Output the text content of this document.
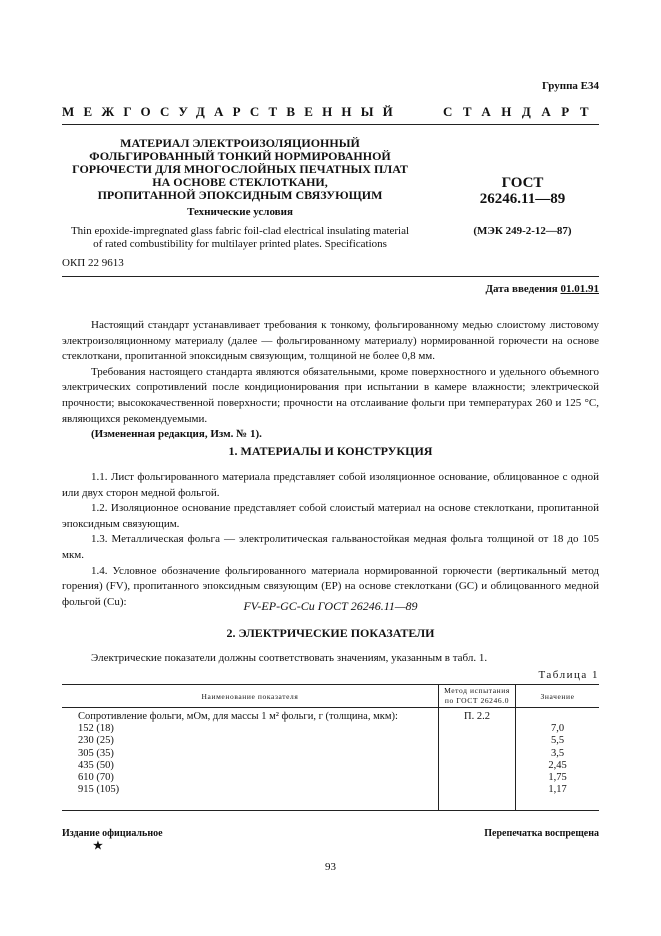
Группа Е34
МЕЖГОСУДАРСТВЕННЫЙ	СТАНДАРТ
МАТЕРИАЛ ЭЛЕКТРОИЗОЛЯЦИОННЫЙ
ФОЛЬГИРОВАННЫЙ ТОНКИЙ НОРМИРОВАННОЙ
ГОРЮЧЕСТИ ДЛЯ МНОГОСЛОЙНЫХ ПЕЧАТНЫХ ПЛАТ
НА ОСНОВЕ СТЕКЛОТКАНИ,
ПРОПИТАННОЙ ЭПОКСИДНЫМ СВЯЗУЮЩИМ
Технические условия
Thin epoxide-impregnated glass fabric foil-clad electrical insulating material
of rated combustibility for multilayer printed plates. Specifications
ОКП 22 9613
ГОСТ
26246.11—89
(МЭК 249-2-12—87)
Дата введения 01.01.91

Настоящий стандарт устанавливает требования к тонкому, фольгированному медью слоистому листовому электроизоляционному материалу (далее — фольгированному материалу) нормированной горючести на основе стеклоткани, пропитанной эпоксидным связующим, толщиной не более 0,8 мм.

Требования настоящего стандарта являются обязательными, кроме поверхностного и удельного объемного электрических сопротивлений после кондиционирования при испытании в камере влажности; электрической прочности; высококачественной поверхности; прочности на отслаивание фольги при температурах 260 и 125 °С, являющихся рекомендуемыми.

(Измененная редакция, Изм. № 1).

1. МАТЕРИАЛЫ И КОНСТРУКЦИЯ

1.1. Лист фольгированного материала представляет собой изоляционное основание, облицованное с одной или двух сторон медной фольгой.

1.2. Изоляционное основание представляет собой слоистый материал на основе стеклоткани, пропитанной эпоксидным связующим.

1.3. Металлическая фольга — электролитическая гальваностойкая медная фольга толщиной от 18 до 105 мкм.

1.4. Условное обозначение фольгированного материала нормированной горючести (вертикальный метод горения) (FV), пропитанного эпоксидным связующим (ЕР) на основе стеклоткани (GC) и облицованного медной фольгой (Cu):	FV-EP-GC-Cu ГОСТ 26246.11—89
2. ЭЛЕКТРИЧЕСКИЕ ПОКАЗАТЕЛИ

Электрические показатели должны соответствовать значениям, указанным в табл. 1.

Таблица 1
Наименование показателя	Метод испытания по ГОСТ 26246.0	Значение
Сопротивление фольги, мОм, для массы 1 м² фольги, г (толщина, мкм):	П. 2.2	
152 (18)		7,0
230 (25)		5,5
305 (35)		3,5
435 (50)		2,45
610 (70)		1,75
915 (105)		1,17

Издание официальное
★
Перепечатка воспрещена
93
